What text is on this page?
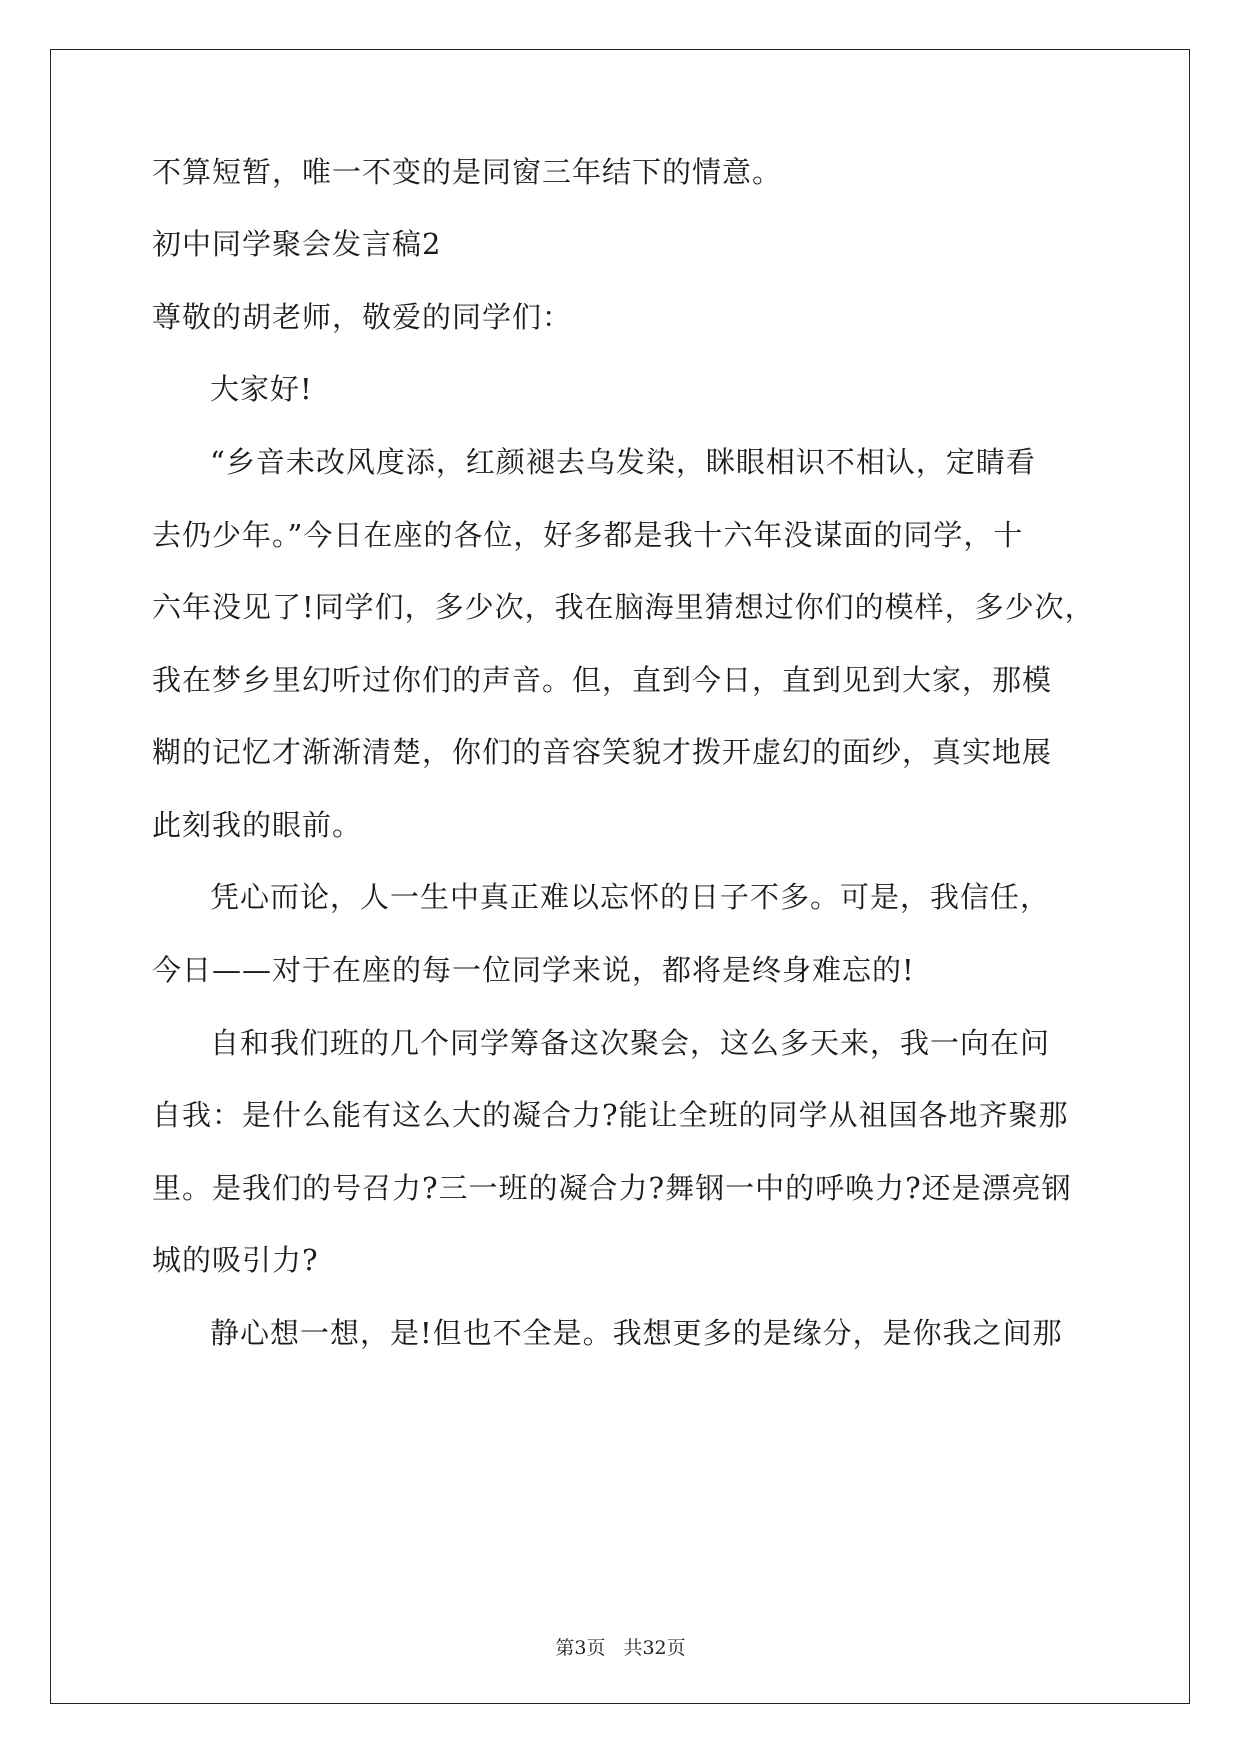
不算短暂，唯一不变的是同窗三年结下的情意。
初中同学聚会发言稿2
尊敬的胡老师，敬爱的同学们：
大家好!
“乡音未改风度添，红颜褪去乌发染，眯眼相识不相认，定睛看
去仍少年。”今日在座的各位，好多都是我十六年没谋面的同学，十
六年没见了!同学们，多少次，我在脑海里猜想过你们的模样，多少次，
我在梦乡里幻听过你们的声音。但，直到今日，直到见到大家，那模
糊的记忆才渐渐清楚，你们的音容笑貌才拨开虚幻的面纱，真实地展
此刻我的眼前。
凭心而论，人一生中真正难以忘怀的日子不多。可是，我信任，
今日——对于在座的每一位同学来说，都将是终身难忘的!
自和我们班的几个同学筹备这次聚会，这么多天来，我一向在问
自我：是什么能有这么大的凝合力?能让全班的同学从祖国各地齐聚那
里。是我们的号召力?三一班的凝合力?舞钢一中的呼唤力?还是漂亮钢
城的吸引力?
静心想一想，是!但也不全是。我想更多的是缘分，是你我之间那
第3页 共32页
